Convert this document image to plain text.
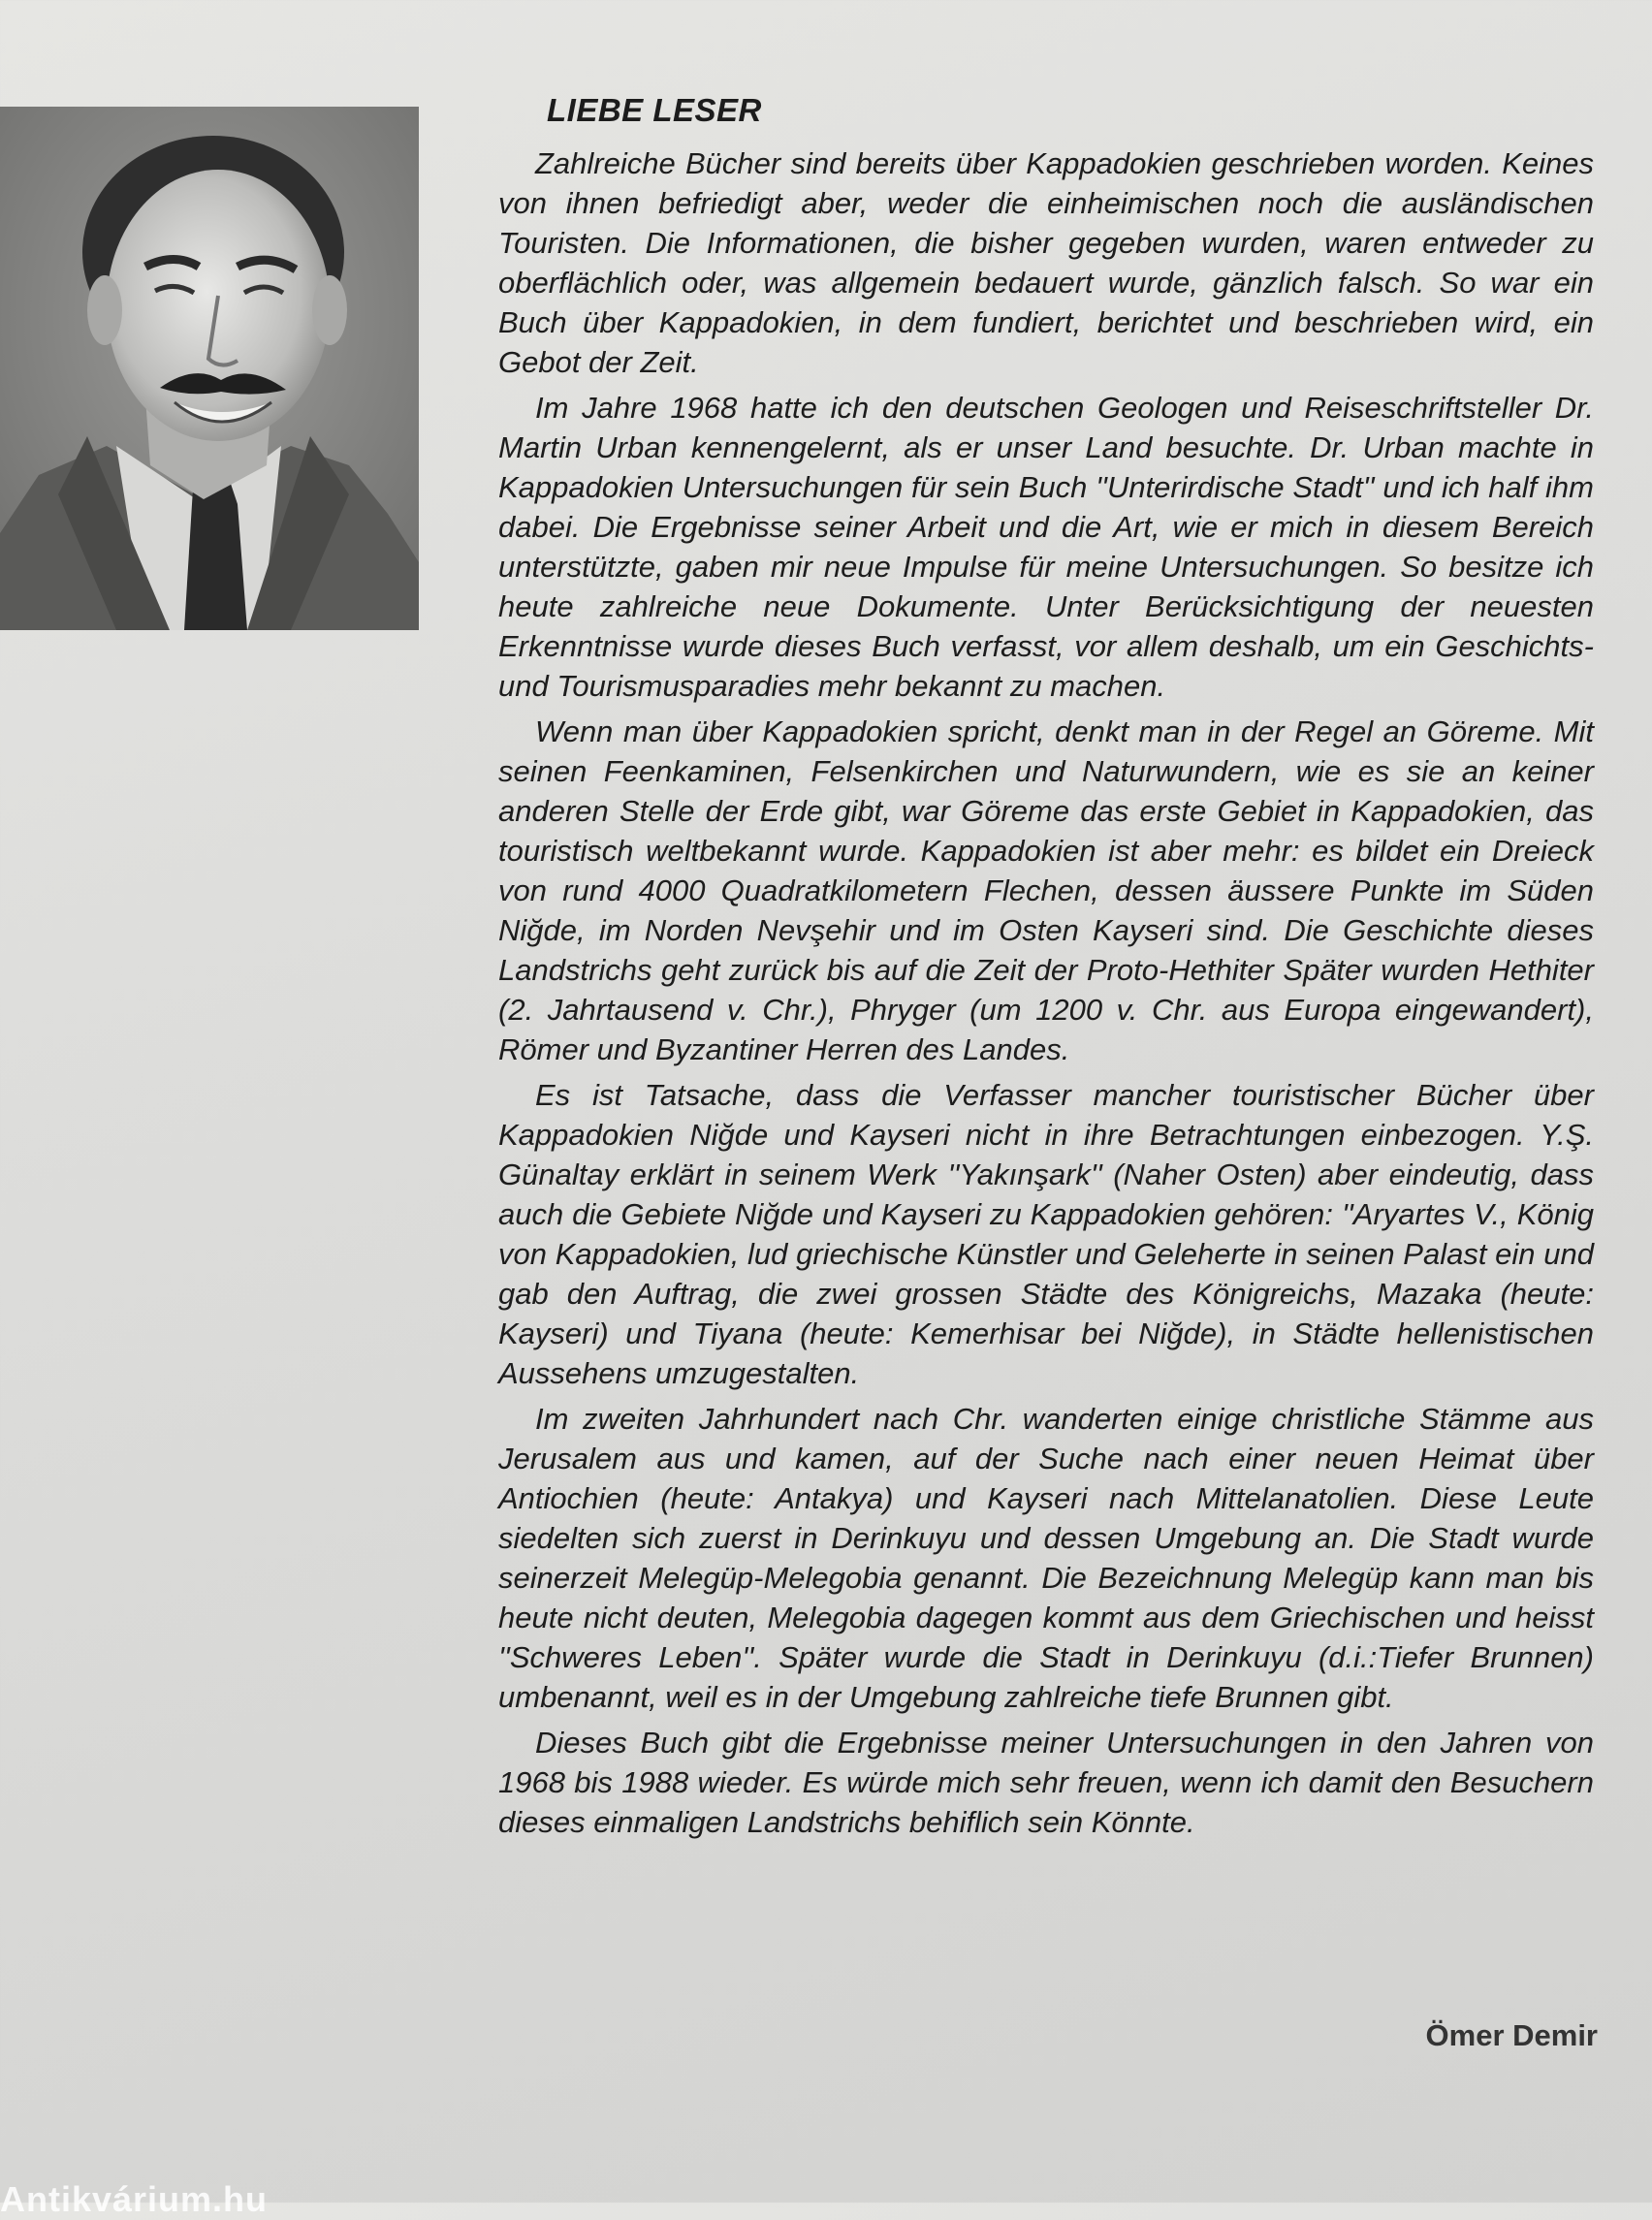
LIEBE LESER

Zahlreiche Bücher sind bereits über Kappadokien geschrieben worden. Keines von ihnen befriedigt aber, weder die einheimischen noch die ausländischen Touristen. Die Informationen, die bisher gegeben wurden, waren entweder zu oberflächlich oder, was allgemein bedauert wurde, gänzlich falsch. So war ein Buch über Kappadokien, in dem fundiert, berichtet und beschrieben wird, ein Gebot der Zeit.

Im Jahre 1968 hatte ich den deutschen Geologen und Reiseschriftsteller Dr. Martin Urban kennengelernt, als er unser Land besuchte. Dr. Urban machte in Kappadokien Untersuchungen für sein Buch ''Unterirdische Stadt'' und ich half ihm dabei. Die Ergebnisse seiner Arbeit und die Art, wie er mich in diesem Bereich unterstützte, gaben mir neue Impulse für meine Untersuchungen. So besitze ich heute zahlreiche neue Dokumente. Unter Berücksichtigung der neuesten Erkenntnisse wurde dieses Buch verfasst, vor allem deshalb, um ein Geschichts-und Tourismusparadies mehr bekannt zu machen.

Wenn man über Kappadokien spricht, denkt man in der Regel an Göreme. Mit seinen Feenkaminen, Felsenkirchen und Naturwundern, wie es sie an keiner anderen Stelle der Erde gibt, war Göreme das erste Gebiet in Kappadokien, das touristisch weltbekannt wurde. Kappadokien ist aber mehr: es bildet ein Dreieck von rund 4000 Quadratkilometern Flechen, dessen äussere Punkte im Süden Niğde, im Norden Nevşehir und im Osten Kayseri sind. Die Geschichte dieses Landstrichs geht zurück bis auf die Zeit der Proto-Hethiter Später wurden Hethiter (2. Jahrtausend v. Chr.), Phryger (um 1200 v. Chr. aus Europa eingewandert), Römer und Byzantiner Herren des Landes.

Es ist Tatsache, dass die Verfasser mancher touristischer Bücher über Kappadokien Niğde und Kayseri nicht in ihre Betrachtungen einbezogen. Y.Ş. Günaltay erklärt in seinem Werk ''Yakınşark'' (Naher Osten) aber eindeutig, dass auch die Gebiete Niğde und Kayseri zu Kappadokien gehören: ''Aryartes V., König von Kappadokien, lud griechische Künstler und Geleherte in seinen Palast ein und gab den Auftrag, die zwei grossen Städte des Königreichs, Mazaka (heute: Kayseri) und Tiyana (heute: Kemerhisar bei Niğde), in Städte hellenistischen Aussehens umzugestalten.

Im zweiten Jahrhundert nach Chr. wanderten einige christliche Stämme aus Jerusalem aus und kamen, auf der Suche nach einer neuen Heimat über Antiochien (heute: Antakya) und Kayseri nach Mittelanatolien. Diese Leute siedelten sich zuerst in Derinkuyu und dessen Umgebung an. Die Stadt wurde seinerzeit Melegüp-Melegobia genannt. Die Bezeichnung Melegüp kann man bis heute nicht deuten, Melegobia dagegen kommt aus dem Griechischen und heisst ''Schweres Leben''. Später wurde die Stadt in Derinkuyu (d.i.:Tiefer Brunnen) umbenannt, weil es in der Umgebung zahlreiche tiefe Brunnen gibt.

Dieses Buch gibt die Ergebnisse meiner Untersuchungen in den Jahren von 1968 bis 1988 wieder. Es würde mich sehr freuen, wenn ich damit den Besuchern dieses einmaligen Landstrichs behiflich sein Könnte.

Ömer Demir
Antikvárium.hu
